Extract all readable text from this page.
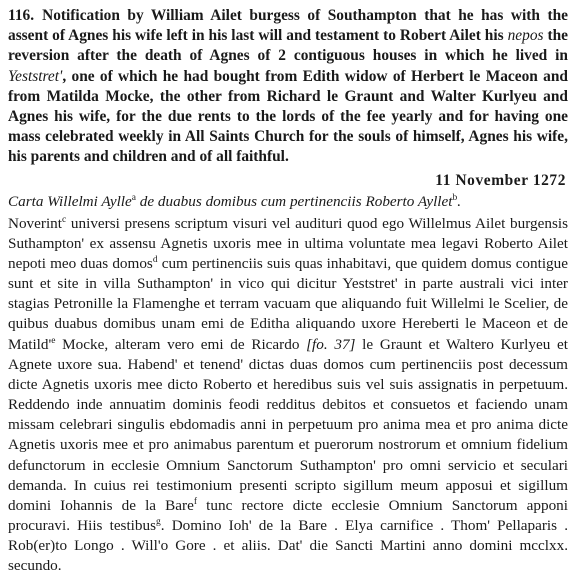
116. Notification by William Ailet burgess of Southampton that he has with the assent of Agnes his wife left in his last will and testament to Robert Ailet his nepos the reversion after the death of Agnes of 2 contiguous houses in which he lived in Yeststret', one of which he had bought from Edith widow of Herbert le Maceon and from Matilda Mocke, the other from Richard le Graunt and Walter Kurlyeu and Agnes his wife, for the due rents to the lords of the fee yearly and for having one mass celebrated weekly in All Saints Church for the souls of himself, Agnes his wife, his parents and children and of all faithful.

11 November 1272
Carta Willelmi Aylle$^a$ de duabus domibus cum pertinenciis Roberto Ayllet$^b$.

Noverint$^c$ universi presens scriptum visuri vel audituri quod ego Willelmus Ailet burgensis Suthampton' ex assensu Agnetis uxoris mee in ultima voluntate mea legavi Roberto Ailet nepoti meo duas domos$^d$ cum pertinenciis suis quas inhabitavi, que quidem domus contigue sunt et site in villa Suthampton' in vico qui dicitur Yeststret' in parte australi vici inter stagias Petronille la Flamenghe et terram vacuam que aliquando fuit Willelmi le Scelier, de quibus duabus domibus unam emi de Editha aliquando uxore Hereberti le Maceon et de $Matild'^e$ Mocke, alteram vero emi de Ricardo [fo. 37] le Graunt et Waltero Kurlyeu et Agnete uxore sua. Habend' et tenend' dictas duas domos cum pertinenciis post decessum dicte Agnetis uxoris mee dicto Roberto et heredibus suis vel suis assignatis in perpetuum. Reddendo inde annuatim dominis feodi redditus debitos et consuetos et faciendo unam missam celebrari singulis ebdomadis anni in perpetuum pro anima mea et pro anima dicte Agnetis uxoris mee et pro animabus parentum et puerorum nostrorum et omnium fidelium defunctorum in ecclesie Omnium Sanctorum Suthampton' pro omni servicio et seculari demanda. In cuius rei testimonium presenti scripto sigillum meum apposui et sigillum domini Iohannis de la Bare$^f$ tunc rectore dicte ecclesie Omnium Sanctorum apponi procuravi. Hiis testibus$^g$. Domino Ioh' de la Bare . Elya carnifice . Thom' Pellaparis . Rob(er)to Longo . Will'o Gore . et aliis. Dat' die Sancti Martini anno domini mcclxx. secundo.
